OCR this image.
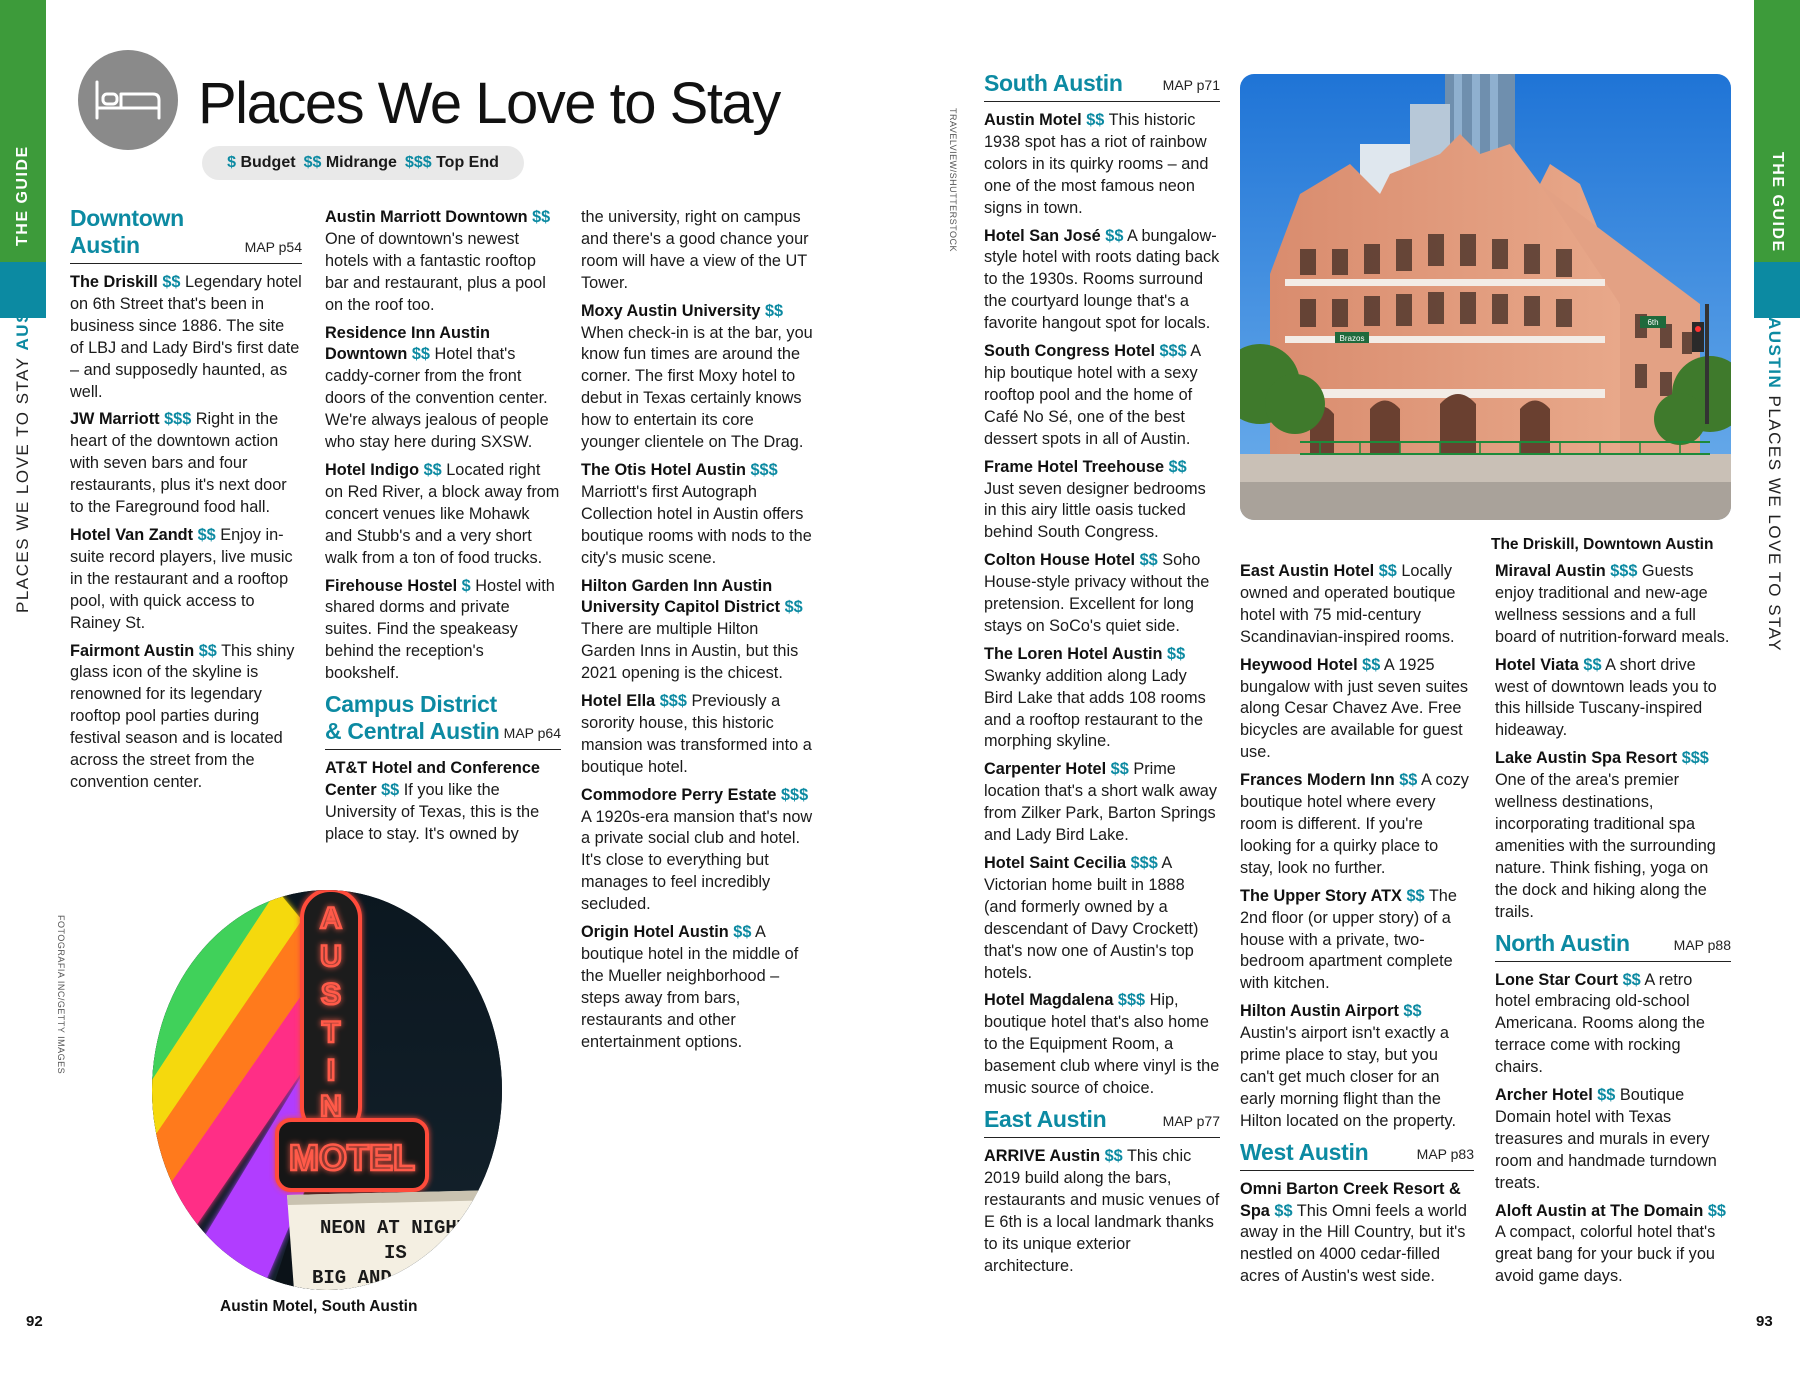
THE GUIDE
PLACES WE LOVE TO STAY AUSTIN
THE GUIDE
AUSTIN PLACES WE LOVE TO STAY
FOTOGRAFIA INC/GETTY IMAGES
TRAVELVIEW/SHUTTERSTOCK
Places We Love to Stay
$ Budget $$ Midrange $$$ Top End
Downtown Austin	MAP p54

The Driskill $$ Legendary hotel on 6th Street that's been in business since 1886. The site of LBJ and Lady Bird's first date – and supposedly haunted, as well.

JW Marriott $$$ Right in the heart of the downtown action with seven bars and four restaurants, plus it's next door to the Fareground food hall.

Hotel Van Zandt $$ Enjoy in-suite record players, live music in the restaurant and a rooftop pool, with quick access to Rainey St.

Fairmont Austin $$ This shiny glass icon of the skyline is renowned for its legendary rooftop pool parties during festival season and is located across the street from the convention center.

Austin Marriott Downtown $$ One of downtown's newest hotels with a fantastic rooftop bar and restaurant, plus a pool on the roof too.

Residence Inn Austin Downtown $$ Hotel that's caddy-corner from the front doors of the convention center. We're always jealous of people who stay here during SXSW.

Hotel Indigo $$ Located right on Red River, a block away from concert venues like Mohawk and Stubb's and a very short walk from a ton of food trucks.

Firehouse Hostel $ Hostel with shared dorms and private suites. Find the speakeasy behind the reception's bookshelf.

Campus District & Central Austin MAP p64

AT&T Hotel and Conference Center $$ If you like the University of Texas, this is the place to stay. It's owned by

the university, right on campus and there's a good chance your room will have a view of the UT Tower.

Moxy Austin University $$ When check-in is at the bar, you know fun times are around the corner. The first Moxy hotel to debut in Texas certainly knows how to entertain its core younger clientele on The Drag.

The Otis Hotel Austin $$$ Marriott's first Autograph Collection hotel in Austin offers boutique rooms with nods to the city's music scene.

Hilton Garden Inn Austin University Capitol District $$ There are multiple Hilton Garden Inns in Austin, but this 2021 opening is the chicest.

Hotel Ella $$$ Previously a sorority house, this historic mansion was transformed into a boutique hotel.

Commodore Perry Estate $$$ A 1920s-era mansion that's now a private social club and hotel. It's close to everything but manages to feel incredibly secluded.

Origin Hotel Austin $$ A boutique hotel in the middle of the Mueller neighborhood – steps away from bars, restaurants and other entertainment options.

A
U
S
T
I
N
MOTEL
NEON AT NIGHT
IS
BIG AND BRIGH
Austin Motel, South Austin
South Austin	MAP p71

Austin Motel $$ This historic 1938 spot has a riot of rainbow colors in its quirky rooms – and one of the most famous neon signs in town.

Hotel San José $$ A bungalow-style hotel with roots dating back to the 1930s. Rooms surround the courtyard lounge that's a favorite hangout spot for locals.

South Congress Hotel $$$ A hip boutique hotel with a sexy rooftop pool and the home of Café No Sé, one of the best dessert spots in all of Austin.

Frame Hotel Treehouse $$ Just seven designer bedrooms in this airy little oasis tucked behind South Congress.

Colton House Hotel $$ Soho House-style privacy without the pretension. Excellent for long stays on SoCo's quiet side.

The Loren Hotel Austin $$ Swanky addition along Lady Bird Lake that adds 108 rooms and a rooftop restaurant to the morphing skyline.

Carpenter Hotel $$ Prime location that's a short walk away from Zilker Park, Barton Springs and Lady Bird Lake.

Hotel Saint Cecilia $$$ A Victorian home built in 1888 (and formerly owned by a descendant of Davy Crockett) that's now one of Austin's top hotels.

Hotel Magdalena $$$ Hip, boutique hotel that's also home to the Equipment Room, a basement club where vinyl is the music source of choice.

East Austin	MAP p77

ARRIVE Austin $$ This chic 2019 build along the bars, restaurants and music venues of E 6th is a local landmark thanks to its unique exterior architecture.

Brazos
6th
The Driskill, Downtown Austin

East Austin Hotel $$ Locally owned and operated boutique hotel with 75 mid-century Scandinavian-inspired rooms.

Heywood Hotel $$ A 1925 bungalow with just seven suites along Cesar Chavez Ave. Free bicycles are available for guest use.

Frances Modern Inn $$ A cozy boutique hotel where every room is different. If you're looking for a quirky place to stay, look no further.

The Upper Story ATX $$ The 2nd floor (or upper story) of a house with a private, two-bedroom apartment complete with kitchen.

Hilton Austin Airport $$ Austin's airport isn't exactly a prime place to stay, but you can't get much closer for an early morning flight than the Hilton located on the property.

West Austin	MAP p83

Omni Barton Creek Resort & Spa $$ This Omni feels a world away in the Hill Country, but it's nestled on 4000 cedar-filled acres of Austin's west side.

Miraval Austin $$$ Guests enjoy traditional and new-age wellness sessions and a full board of nutrition-forward meals.

Hotel Viata $$ A short drive west of downtown leads you to this hillside Tuscany-inspired hideaway.

Lake Austin Spa Resort $$$ One of the area's premier wellness destinations, incorporating traditional spa amenities with the surrounding nature. Think fishing, yoga on the dock and hiking along the trails.

North Austin	MAP p88

Lone Star Court $$ A retro hotel embracing old-school Americana. Rooms along the terrace come with rocking chairs.

Archer Hotel $$ Boutique Domain hotel with Texas treasures and murals in every room and handmade turndown treats.

Aloft Austin at The Domain $$ A compact, colorful hotel that's great bang for your buck if you avoid game days.

92	93
